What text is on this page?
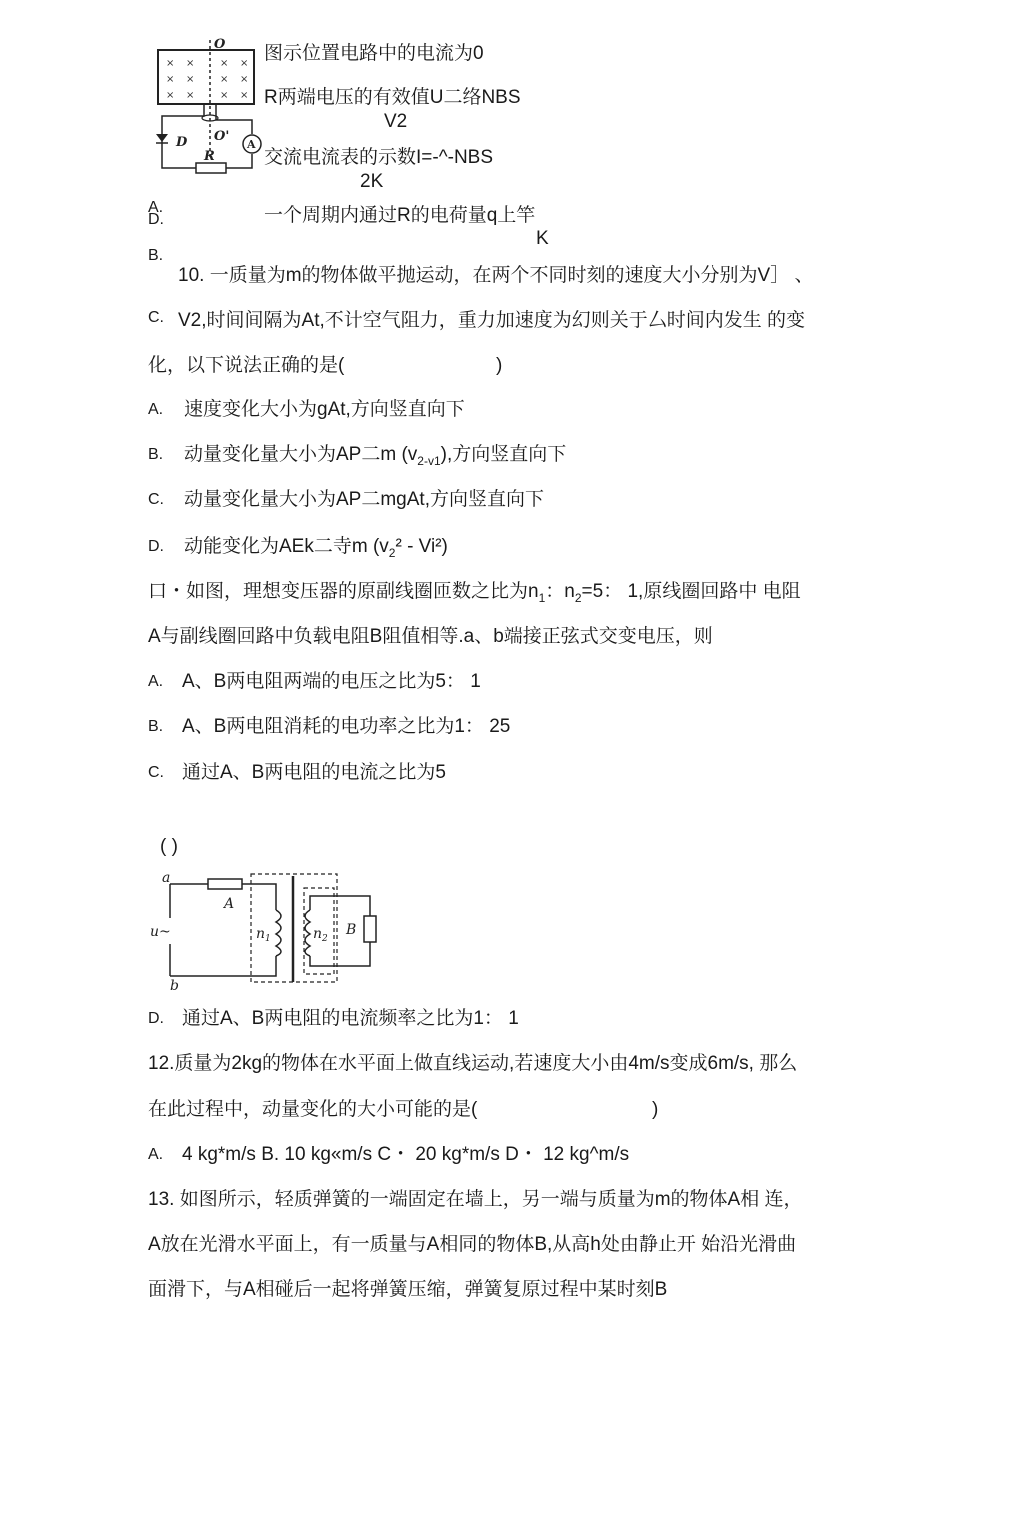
× ×	× ×
× ×	× ×
× ×	× ×
O
O'
D
R
A
图示位置电路中的电流为0
R两端电压的有效值U二络NBS
V2
交流电流表的示数I=-^-NBS
2K
A.
D.	一个周期内通过R的电荷量q上竿
K
B.
10. 一质量为m的物体做平抛运动，在两个不同时刻的速度大小分别为V］ 、
C. V2,时间间隔为At,不计空气阻力，重力加速度为幻则关于厶时间内发生 的变
化，以下说法正确的是(	)
A. 速度变化大小为gAt,方向竖直向下
B. 动量变化量大小为AP二m $(v_{2-v1})$,方向竖直向下
C. 动量变化量大小为AP二mgAt,方向竖直向下
D. 动能变化为AEk二寺m $(v_2^2 - Vi^2)$
口・如图，理想变压器的原副线圈匝数之比为$n_1$：$n_2=5$： 1,原线圈回路中 电阻
A与副线圈回路中负载电阻B阻值相等.a、b端接正弦式交变电压，则
A. A、B两电阻两端的电压之比为5： 1
B. A、B两电阻消耗的电功率之比为1： 25
C. 通过A、B两电阻的电流之比为5
( )
a
b
u~
A
$n_1$	$n_2$
B
D. 通过A、B两电阻的电流频率之比为1： 1
12.质量为2kg的物体在水平面上做直线运动,若速度大小由4m/s变成6m/s, 那么
在此过程中，动量变化的大小可能的是(	)
A. 4 kg*m/s B. 10 kg«m/s C・ 20 kg*m/s D・ 12 kg^m/s
13. 如图所示，轻质弹簧的一端固定在墙上，另一端与质量为m的物体A相 连，
A放在光滑水平面上，有一质量与A相同的物体B,从高h处由静止开 始沿光滑曲
面滑下，与A相碰后一起将弹簧压缩，弹簧复原过程中某时刻B
